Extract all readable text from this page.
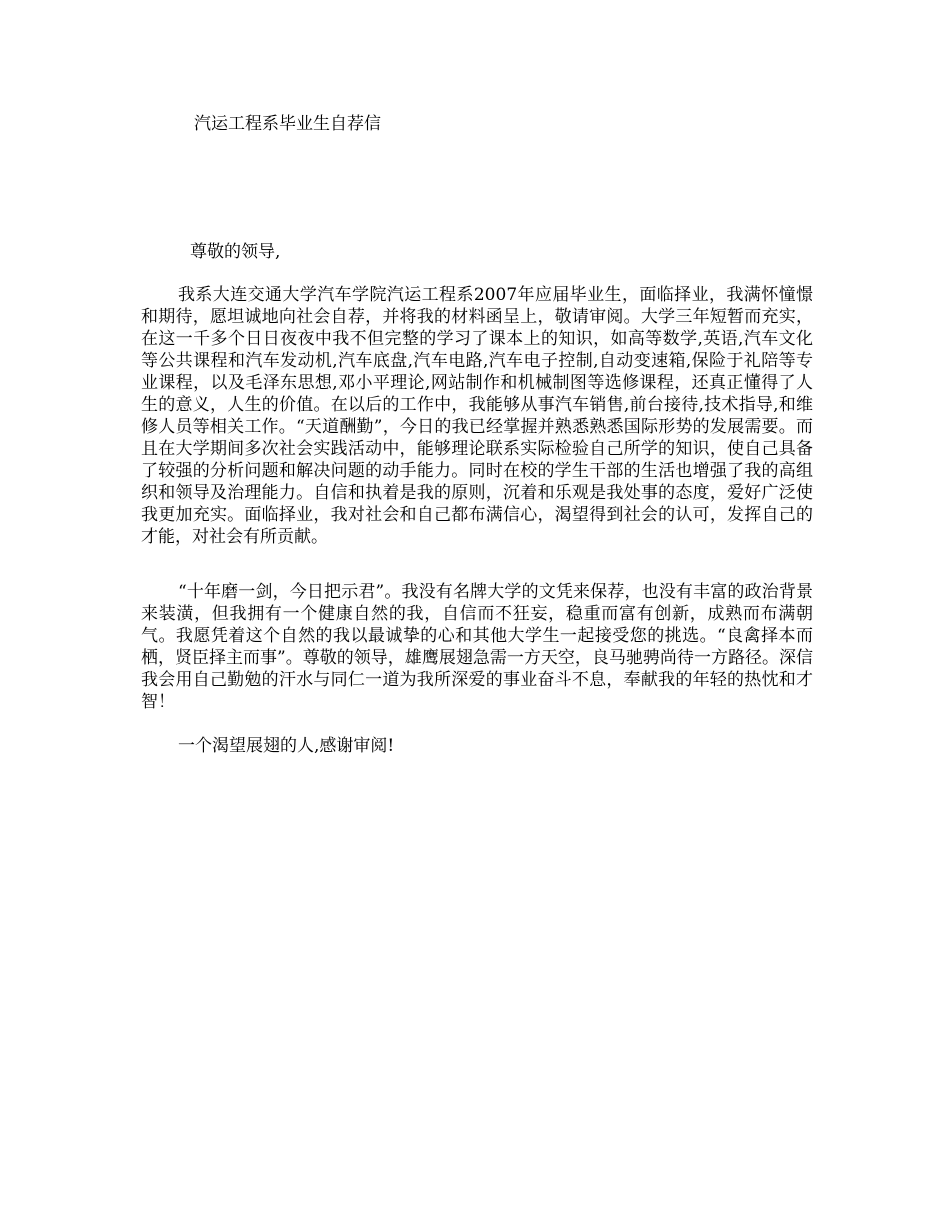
汽运工程系毕业生自荐信
尊敬的领导,

我系大连交通大学汽车学院汽运工程系2007年应届毕业生，面临择业，我满怀憧憬和期待，愿坦诚地向社会自荐，并将我的材料函呈上，敬请审阅。大学三年短暂而充实，在这一千多个日日夜夜中我不但完整的学习了课本上的知识，如高等数学,英语,汽车文化等公共课程和汽车发动机,汽车底盘,汽车电路,汽车电子控制,自动变速箱,保险于礼陪等专业课程，以及毛泽东思想,邓小平理论,网站制作和机械制图等选修课程，还真正懂得了人生的意义，人生的价值。在以后的工作中，我能够从事汽车销售,前台接待,技术指导,和维修人员等相关工作。“天道酬勤”，今日的我已经掌握并熟悉熟悉国际形势的发展需要。而且在大学期间多次社会实践活动中，能够理论联系实际检验自己所学的知识，使自己具备了较强的分析问题和解决问题的动手能力。同时在校的学生干部的生活也增强了我的高组织和领导及治理能力。自信和执着是我的原则，沉着和乐观是我处事的态度，爱好广泛使我更加充实。面临择业，我对社会和自己都布满信心，渴望得到社会的认可，发挥自己的才能，对社会有所贡献。

“十年磨一剑，今日把示君”。我没有名牌大学的文凭来保荐，也没有丰富的政治背景来装潢，但我拥有一个健康自然的我，自信而不狂妄，稳重而富有创新，成熟而布满朝气。我愿凭着这个自然的我以最诚挚的心和其他大学生一起接受您的挑选。“良禽择本而栖，贤臣择主而事”。尊敬的领导，雄鹰展翅急需一方天空，良马驰骋尚待一方路径。深信我会用自己勤勉的汗水与同仁一道为我所深爱的事业奋斗不息，奉献我的年轻的热忱和才智！

一个渴望展翅的人,感谢审阅!
